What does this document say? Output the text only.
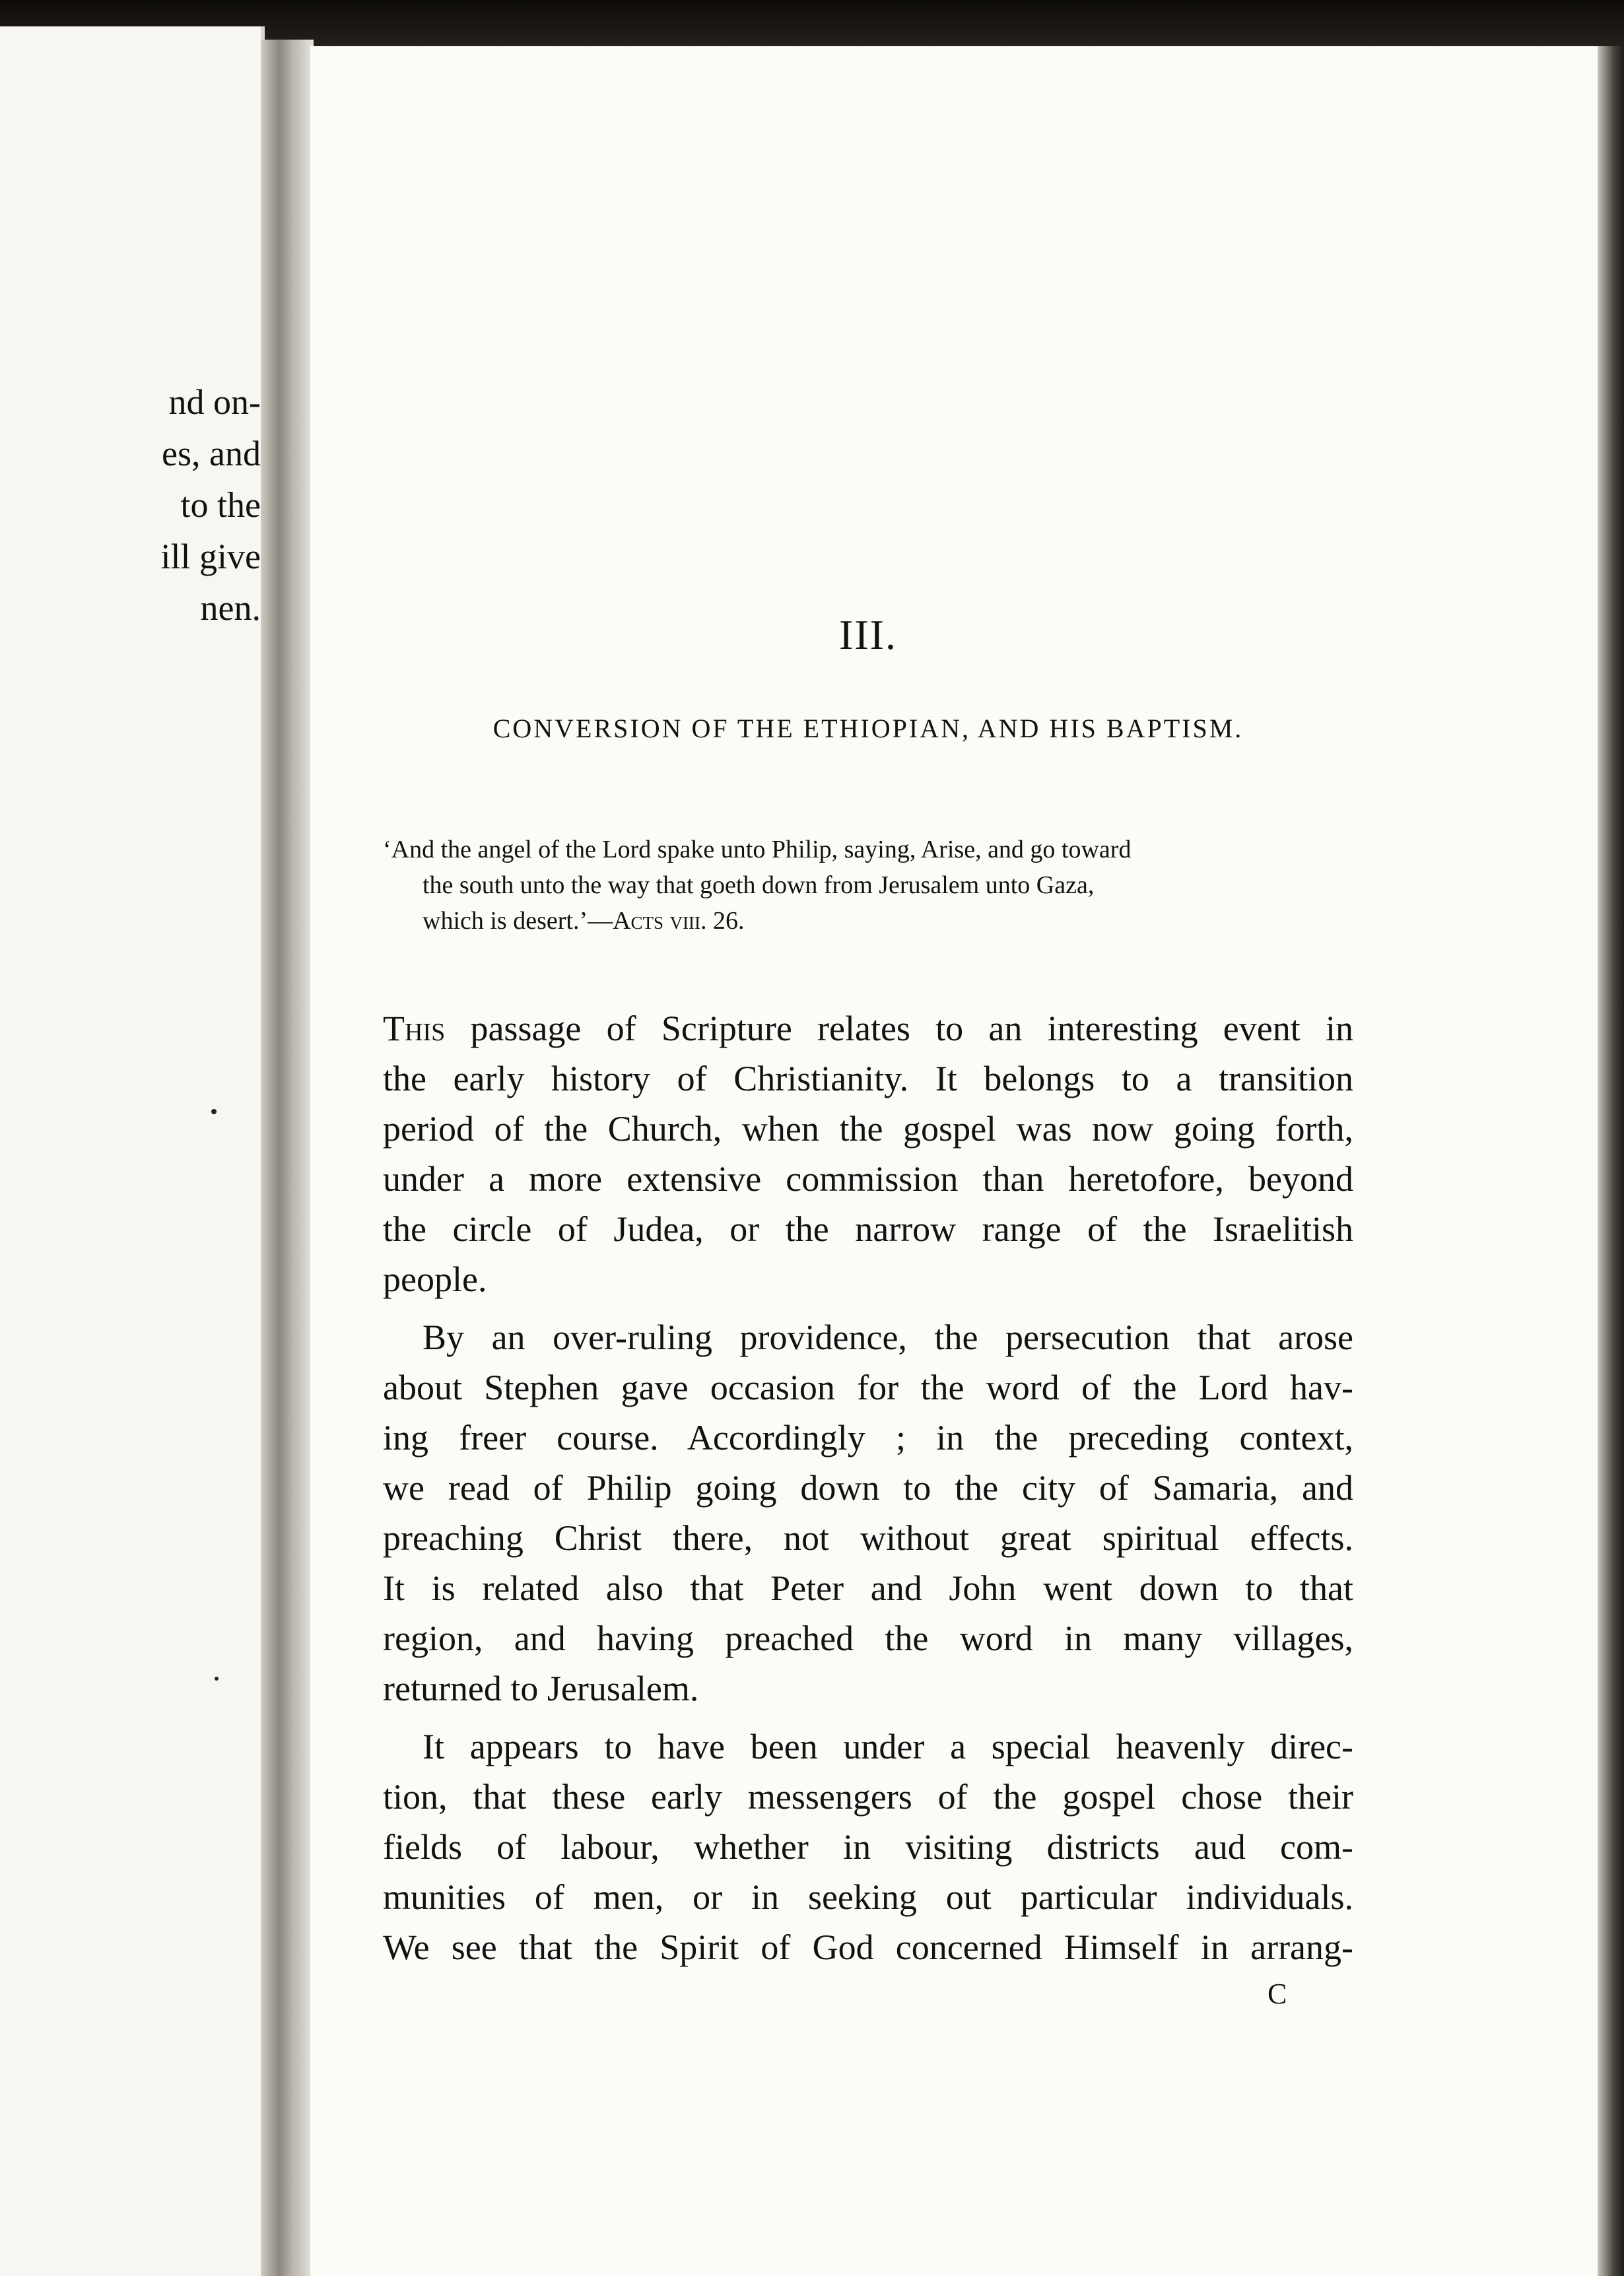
nd on-
es, and
to the
ill give
nen.
III.
CONVERSION OF THE ETHIOPIAN, AND HIS BAPTISM.
‘And the angel of the Lord spake unto Philip, saying, Arise, and go toward
the south unto the way that goeth down from Jerusalem unto Gaza,
which is desert.’—Acts viii. 26.
This passage of Scripture relates to an interesting event in
the early history of Christianity. It belongs to a transition
period of the Church, when the gospel was now going forth,
under a more extensive commission than heretofore, beyond
the circle of Judea, or the narrow range of the Israelitish
people.
By an over-ruling providence, the persecution that arose
about Stephen gave occasion for the word of the Lord hav-
ing freer course. Accordingly ; in the preceding context,
we read of Philip going down to the city of Samaria, and
preaching Christ there, not without great spiritual effects.
It is related also that Peter and John went down to that
region, and having preached the word in many villages,
returned to Jerusalem.
It appears to have been under a special heavenly direc-
tion, that these early messengers of the gospel chose their
fields of labour, whether in visiting districts aud com-
munities of men, or in seeking out particular individuals.
We see that the Spirit of God concerned Himself in arrang-
C
